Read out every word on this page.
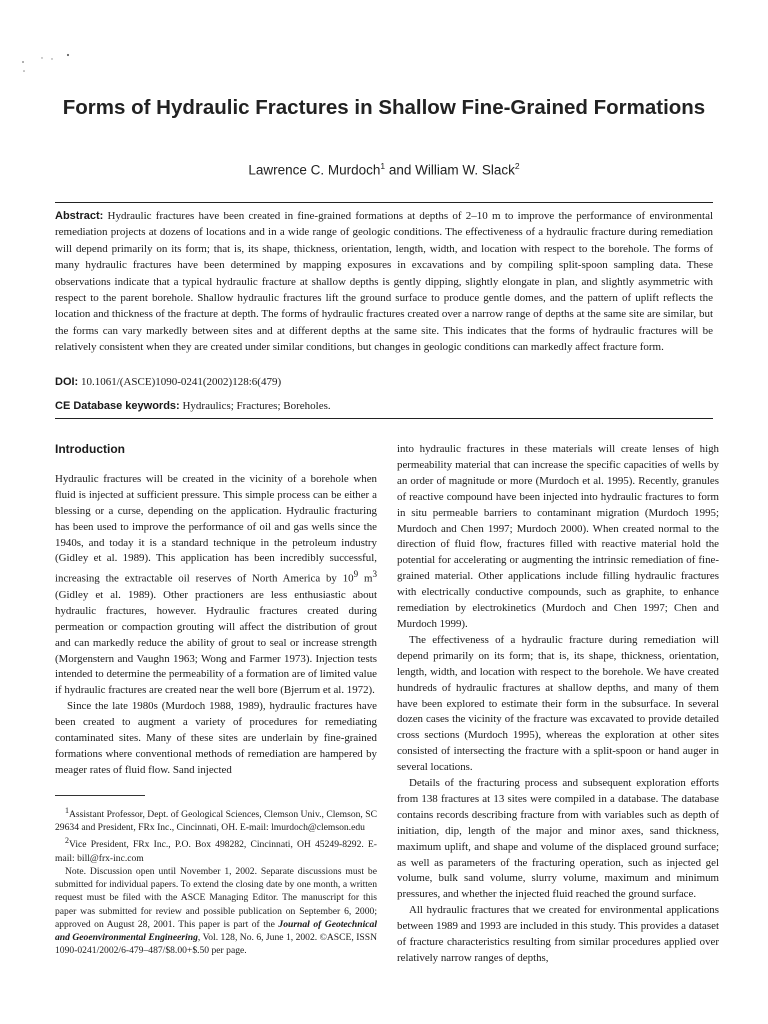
Forms of Hydraulic Fractures in Shallow Fine-Grained Formations
Lawrence C. Murdoch$^1$ and William W. Slack$^2$
Abstract: Hydraulic fractures have been created in fine-grained formations at depths of 2–10 m to improve the performance of environmental remediation projects at dozens of locations and in a wide range of geologic conditions. The effectiveness of a hydraulic fracture during remediation will depend primarily on its form; that is, its shape, thickness, orientation, length, width, and location with respect to the borehole. The forms of many hydraulic fractures have been determined by mapping exposures in excavations and by compiling split-spoon sampling data. These observations indicate that a typical hydraulic fracture at shallow depths is gently dipping, slightly elongate in plan, and slightly asymmetric with respect to the parent borehole. Shallow hydraulic fractures lift the ground surface to produce gentle domes, and the pattern of uplift reflects the location and thickness of the fracture at depth. The forms of hydraulic fractures created over a narrow range of depths at the same site are similar, but the forms can vary markedly between sites and at different depths at the same site. This indicates that the forms of hydraulic fractures will be relatively consistent when they are created under similar conditions, but changes in geologic conditions can markedly affect fracture form.
DOI: 10.1061/(ASCE)1090-0241(2002)128:6(479)
CE Database keywords: Hydraulics; Fractures; Boreholes.
Introduction

Hydraulic fractures will be created in the vicinity of a borehole when fluid is injected at sufficient pressure. This simple process can be either a blessing or a curse, depending on the application. Hydraulic fracturing has been used to improve the performance of oil and gas wells since the 1940s, and today it is a standard technique in the petroleum industry (Gidley et al. 1989). This application has been incredibly successful, increasing the extractable oil reserves of North America by $10^9$ $m^3$ (Gidley et al. 1989). Other practioners are less enthusiastic about hydraulic fractures, however. Hydraulic fractures created during permeation or compaction grouting will affect the distribution of grout and can markedly reduce the ability of grout to seal or increase strength (Morgenstern and Vaughn 1963; Wong and Farmer 1973). Injection tests intended to determine the permeability of a formation are of limited value if hydraulic fractures are created near the well bore (Bjerrum et al. 1972).

Since the late 1980s (Murdoch 1988, 1989), hydraulic fractures have been created to augment a variety of procedures for remediating contaminated sites. Many of these sites are underlain by fine-grained formations where conventional methods of remediation are hampered by meager rates of fluid flow. Sand injected

$^1$Assistant Professor, Dept. of Geological Sciences, Clemson Univ., Clemson, SC 29634 and President, FRx Inc., Cincinnati, OH. E-mail: lmurdoch@clemson.edu

$^2$Vice President, FRx Inc., P.O. Box 498282, Cincinnati, OH 45249-8292. E-mail: bill@frx-inc.com

Note. Discussion open until November 1, 2002. Separate discussions must be submitted for individual papers. To extend the closing date by one month, a written request must be filed with the ASCE Managing Editor. The manuscript for this paper was submitted for review and possible publication on September 6, 2000; approved on August 28, 2001. This paper is part of the Journal of Geotechnical and Geoenvironmental Engineering, Vol. 128, No. 6, June 1, 2002. ©ASCE, ISSN 1090-0241/2002/6-479–487/$8.00+$.50 per page.

into hydraulic fractures in these materials will create lenses of high permeability material that can increase the specific capacities of wells by an order of magnitude or more (Murdoch et al. 1995). Recently, granules of reactive compound have been injected into hydraulic fractures to form in situ permeable barriers to contaminant migration (Murdoch 1995; Murdoch and Chen 1997; Murdoch 2000). When created normal to the direction of fluid flow, fractures filled with reactive material hold the potential for accelerating or augmenting the intrinsic remediation of fine-grained material. Other applications include filling hydraulic fractures with electrically conductive compounds, such as graphite, to enhance remediation by electrokinetics (Murdoch and Chen 1997; Chen and Murdoch 1999).

The effectiveness of a hydraulic fracture during remediation will depend primarily on its form; that is, its shape, thickness, orientation, length, width, and location with respect to the borehole. We have created hundreds of hydraulic fractures at shallow depths, and many of them have been explored to estimate their form in the subsurface. In several dozen cases the vicinity of the fracture was excavated to provide detailed cross sections (Murdoch 1995), whereas the exploration at other sites consisted of intersecting the fracture with a split-spoon or hand auger in several locations.

Details of the fracturing process and subsequent exploration efforts from 138 fractures at 13 sites were compiled in a database. The database contains records describing fracture from with variables such as depth of initiation, dip, length of the major and minor axes, sand thickness, maximum uplift, and shape and volume of the displaced ground surface; as well as parameters of the fracturing operation, such as injected gel volume, bulk sand volume, slurry volume, maximum and minimum pressures, and whether the injected fluid reached the ground surface.

All hydraulic fractures that we created for environmental applications between 1989 and 1993 are included in this study. This provides a dataset of fracture characteristics resulting from similar procedures applied over relatively narrow ranges of depths,
